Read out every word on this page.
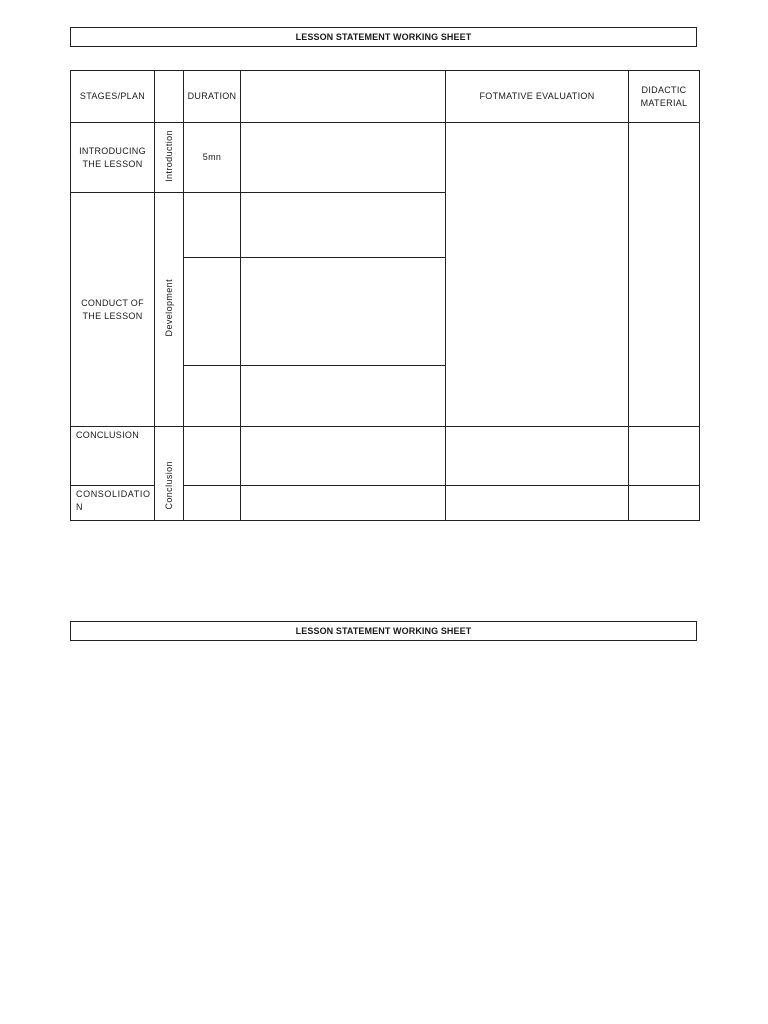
LESSON STATEMENT WORKING SHEET
STAGES/PLAN		DURATION		FOTMATIVE EVALUATION	DIDACTIC MATERIAL
INTRODUCING THE LESSON	Introduction	5mn			
CONDUCT OF THE LESSON	Development				

CONCLUSION	Conclusion				
CONSOLIDATIO
N					
LESSON STATEMENT WORKING SHEET
